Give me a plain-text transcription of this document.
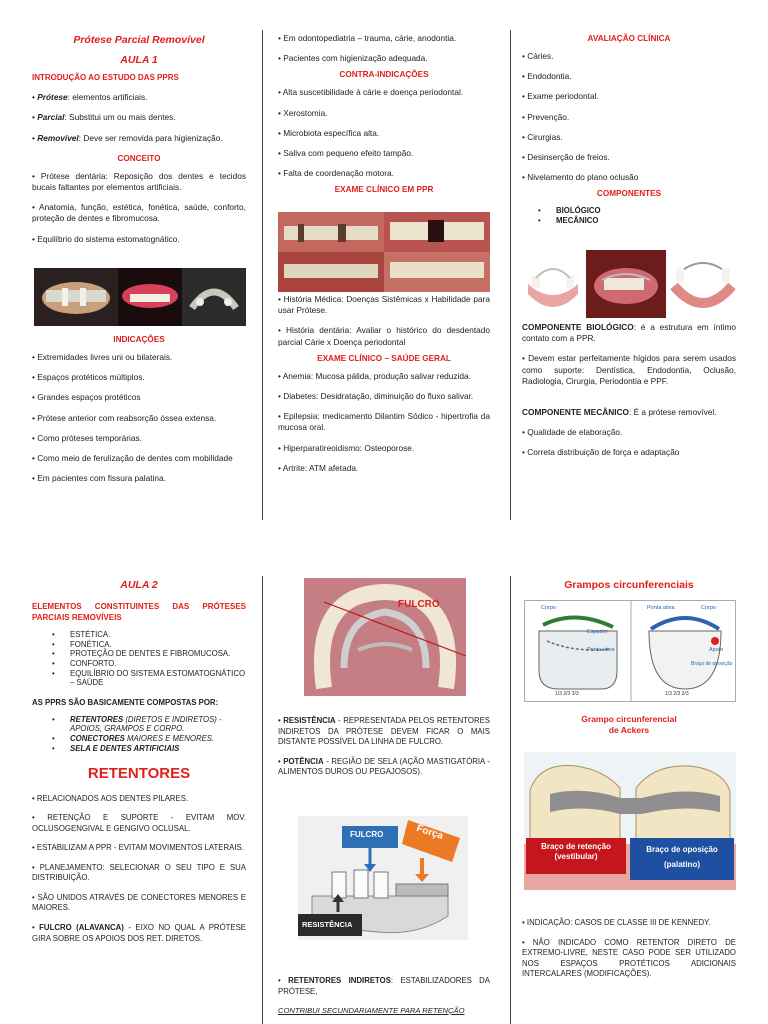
Prótese Parcial Removível
AULA 1
INTRODUÇÃO AO ESTUDO DAS PPRS

• Prótese: elementos artificiais.

• Parcial: Substitui um ou mais dentes.

• Removível: Deve ser removida para higienização.

CONCEITO

• Prótese dentária: Reposição dos dentes e tecidos bucais faltantes por elementos artificiais.

• Anatomia, função, estética, fonética, saúde, conforto, proteção de dentes e fibromucosa.

• Equilíbrio do sistema estomatognático.

INDICAÇÕES

• Extremidades livres uni ou bilaterais.

• Espaços protéticos múltiplos.

• Grandes espaços protéticos

• Prótese anterior com reabsorção óssea extensa.

• Como próteses temporárias.

• Como meio de ferulização de dentes com mobilidade

• Em pacientes com fissura palatina.

• Em odontopediatria – trauma, cárie, anodontia.

• Pacientes com higienização adequada.

CONTRA-INDICAÇÕES

• Alta suscetibilidade à cárie e doença periodontal.

• Xerostomia.

• Microbiota específica alta.

• Saliva com pequeno efeito tampão.

• Falta de coordenação motora.

EXAME CLÍNICO EM PPR

• História Médica: Doenças Sistêmicas x Habilidade para usar Prótese.

• História dentária: Avaliar o histórico do desdentado parcial Cárie x Doença periodontal

EXAME CLÍNICO – SAÚDE GERAL

• Anemia: Mucosa pálida, produção salivar reduzida.

• Diabetes: Desidratação, diminuição do fluxo salivar.

• Epilepsia: medicamento Dilantim Sódico - hipertrofia da mucosa oral.

• Hiperparatireoidismo: Osteoporose.

• Artrite: ATM afetada.

AVALIAÇÃO CLÍNICA

• Cáries.

• Endodontia.

• Exame periodontal.

• Prevenção.

• Cirurgias.

• Desinserção de freios.

• Nivelamento do plano oclusão

COMPONENTES
• BIOLÓGICO
• MECÂNICO

COMPONENTE BIOLÓGICO: é a estrutura em íntimo contato com a PPR.

• Devem estar perfeitamente hígidos para serem usados como suporte: Dentística, Endodontia, Oclusão, Radiologia, Cirurgia, Periodontia e PPF.

COMPONENTE MECÂNICO: É a prótese removível.

• Qualidade de elaboração.

• Correta distribuição de força e adaptação

AULA 2
ELEMENTOS CONSTITUINTES DAS PRÓTESES PARCIAIS REMOVÍVEIS
• ESTÉTICA.
• FONÉTICA.
• PROTEÇÃO DE DENTES E FIBROMUCOSA.
• CONFORTO.
• EQUILÍBRIO DO SISTEMA ESTOMATOGNÁTICO – SAÚDE
AS PPRS SÃO BASICAMENTE COMPOSTAS POR:
• RETENTORES (DIRETOS E INDIRETOS) - APOIOS, GRAMPOS E CORPO.
• CONECTORES MAIORES E MENORES.
• SELA E DENTES ARTIFICIAIS
RETENTORES

• RELACIONADOS AOS DENTES PILARES.

• RETENÇÃO E SUPORTE - EVITAM MOV. OCLUSOGENGIVAL E GENGIVO OCLUSAL.

• ESTABILIZAM A PPR - EVITAM MOVIMENTOS LATERAIS.

• PLANEJAMENTO: SELECIONAR O SEU TIPO E SUA DISTRIBUIÇÃO.

• SÃO UNIDOS ATRAVÉS DE CONECTORES MENORES E MAIORES.

• FULCRO (ALAVANCA) - EIXO NO QUAL A PRÓTESE GIRA SOBRE OS APOIOS DOS RET. DIRETOS.

FULCRO

• RESISTÊNCIA - REPRESENTADA PELOS RETENTORES INDIRETOS DA PRÓTESE DEVEM FICAR O MAIS DISTANTE POSSÍVEL DA LINHA DE FULCRO.

• POTÊNCIA - REGIÃO DE SELA (AÇÃO MASTIGATÓRIA - ALIMENTOS DUROS OU PEGAJOSOS).

FULCRO	Força
RESISTÊNCIA

• RETENTORES INDIRETOS: ESTABILIZADORES DA PRÓTESE,

CONTRIBUI SECUNDARIAMENTE PARA RETENÇÃO

Grampos circunferenciais
Corpo
Espador
Ponta ativa
Ponta ativa	Corpo
Apoio
Braço de oposição
1/3 2/3 3/3	1/3 2/3 3/3
Grampo circunferencial
de Ackers
Braço de retenção
(vestibular)
Braço de oposição
(palatino)

• INDICAÇÃO: CASOS DE CLASSE III DE KENNEDY.

• NÃO INDICADO COMO RETENTOR DIRETO DE EXTREMO-LIVRE, NESTE CASO PODE SER UTILIZADO NOS ESPAÇOS PROTÉTICOS ADICIONAIS INTERCALARES (MODIFICAÇÕES).
